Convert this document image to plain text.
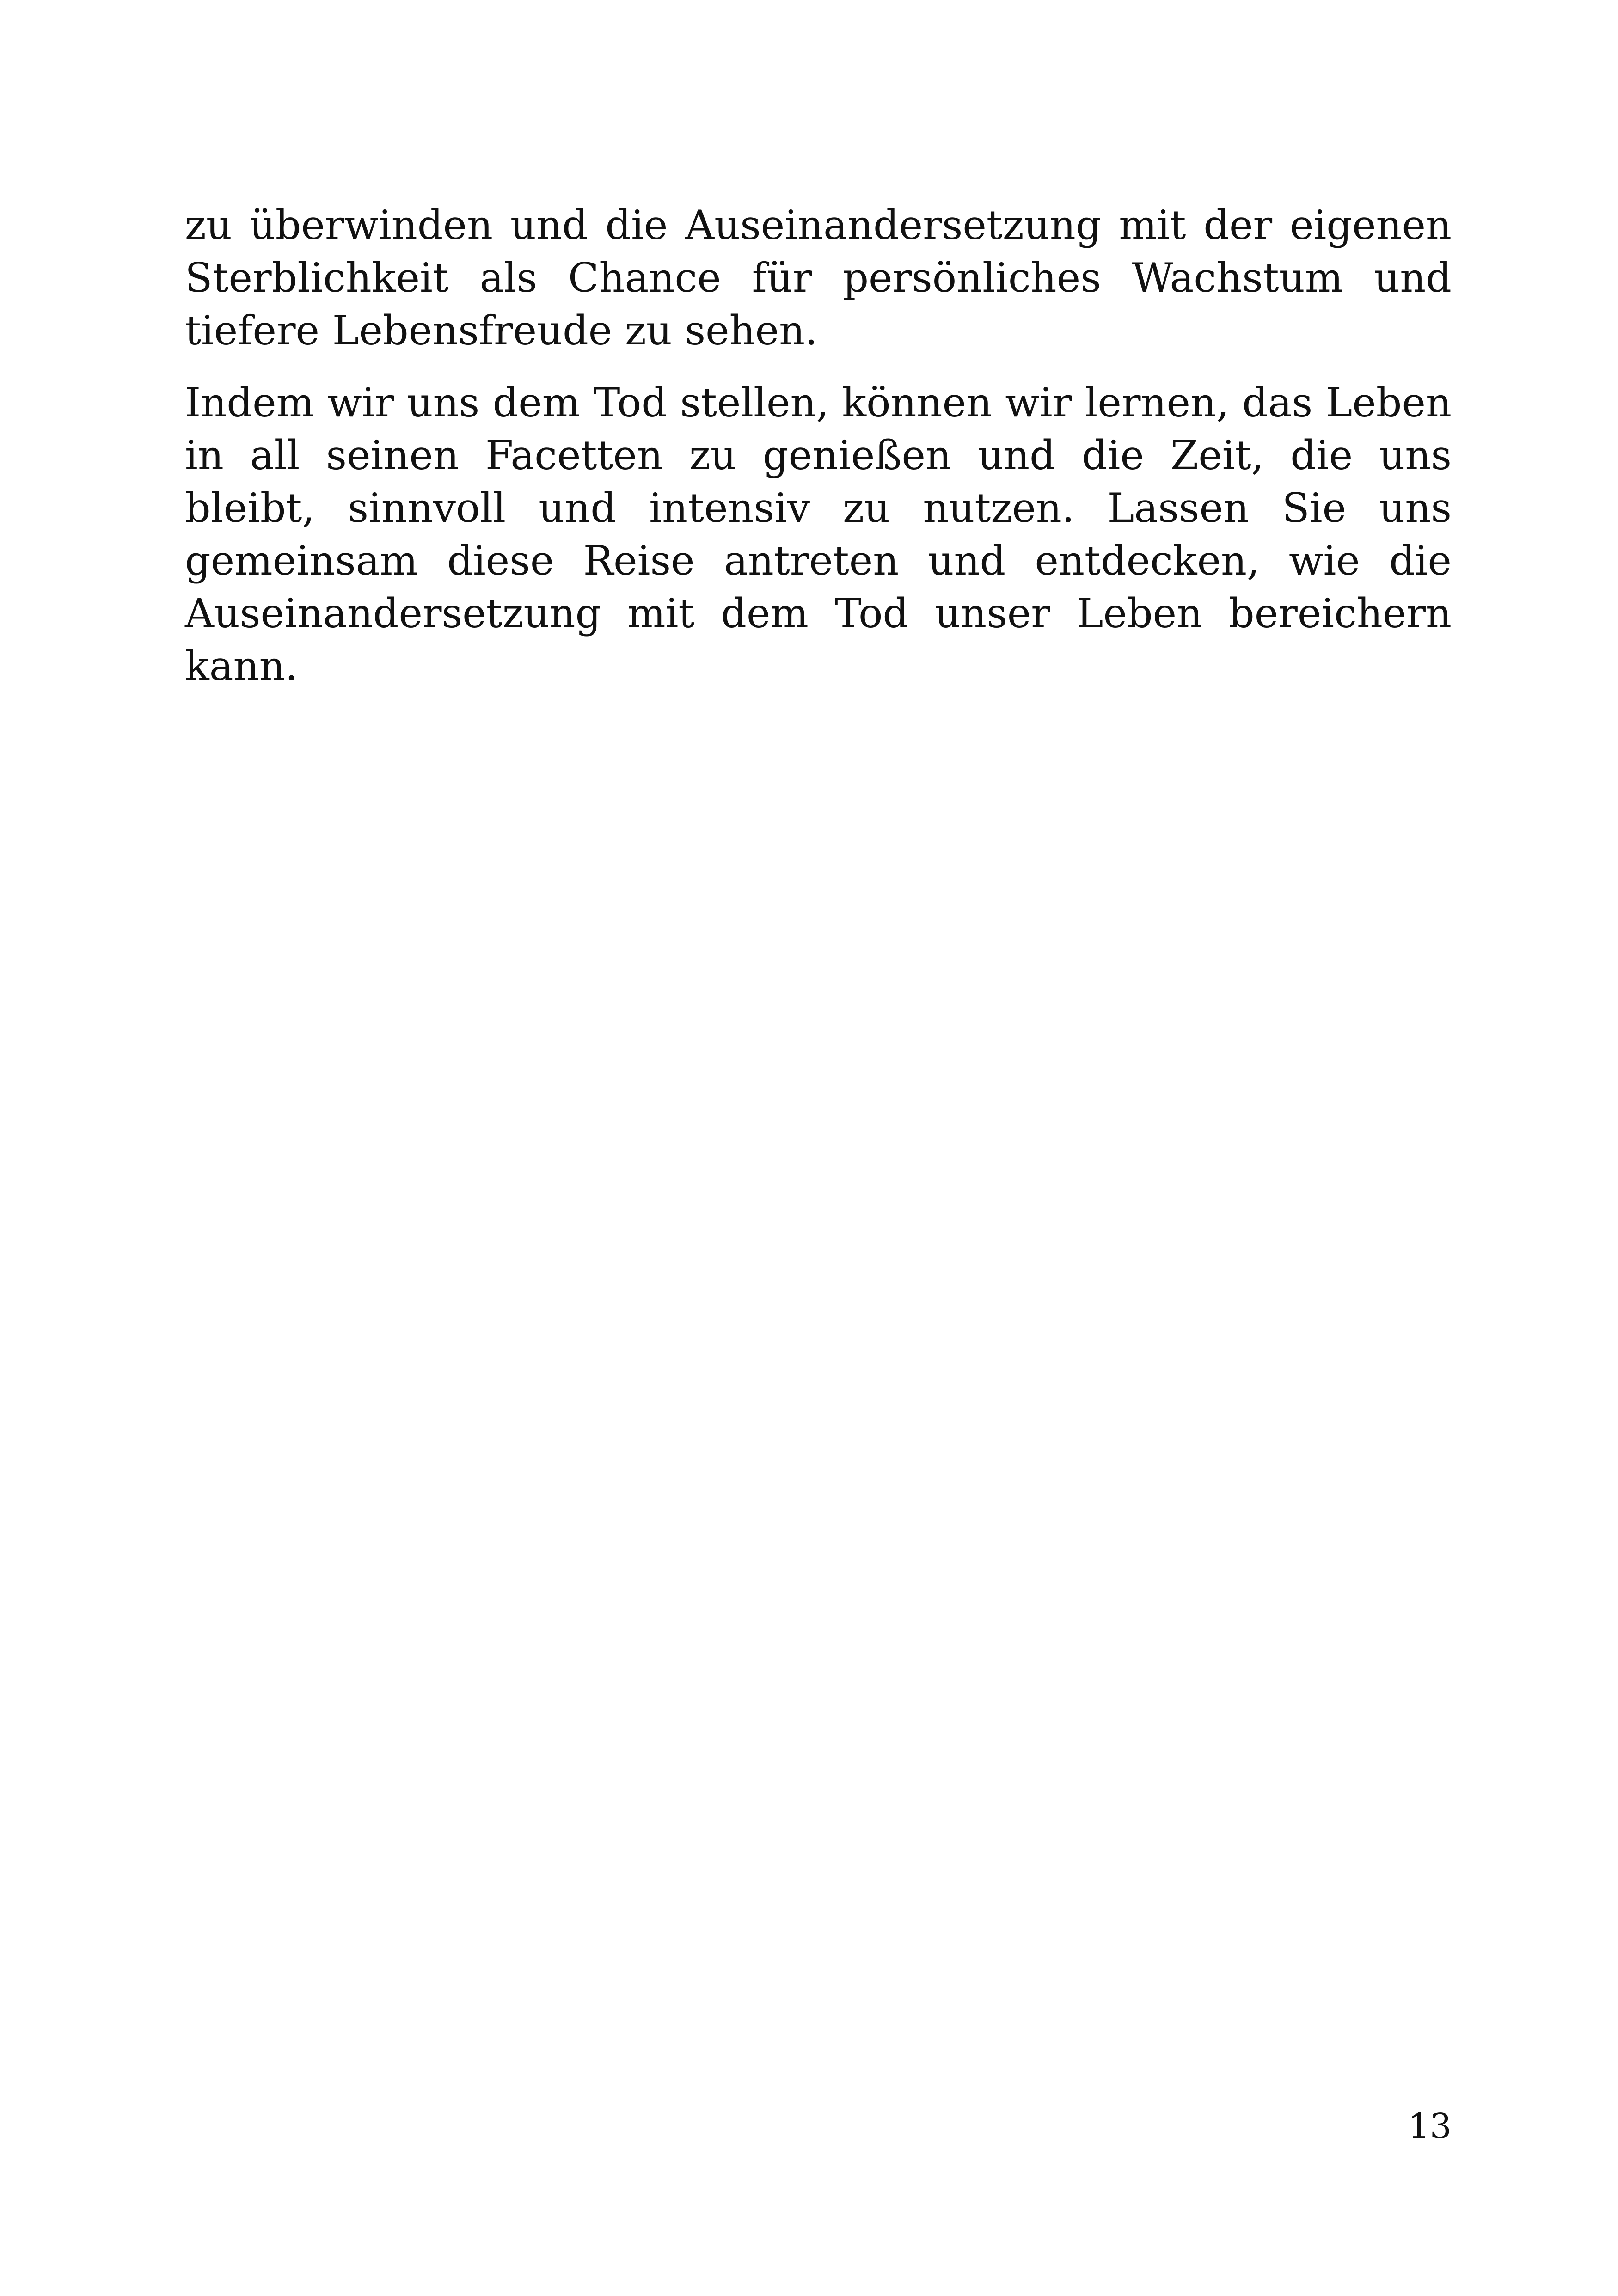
zu überwinden und die Auseinandersetzung mit der eigenen Sterblichkeit als Chance für persönliches Wachstum und tiefere Lebensfreude zu sehen.

Indem wir uns dem Tod stellen, können wir lernen, das Leben in all seinen Facetten zu genießen und die Zeit, die uns bleibt, sinnvoll und intensiv zu nutzen. Lassen Sie uns gemeinsam diese Reise antreten und entdecken, wie die Auseinandersetzung mit dem Tod unser Leben bereichern kann.

13
